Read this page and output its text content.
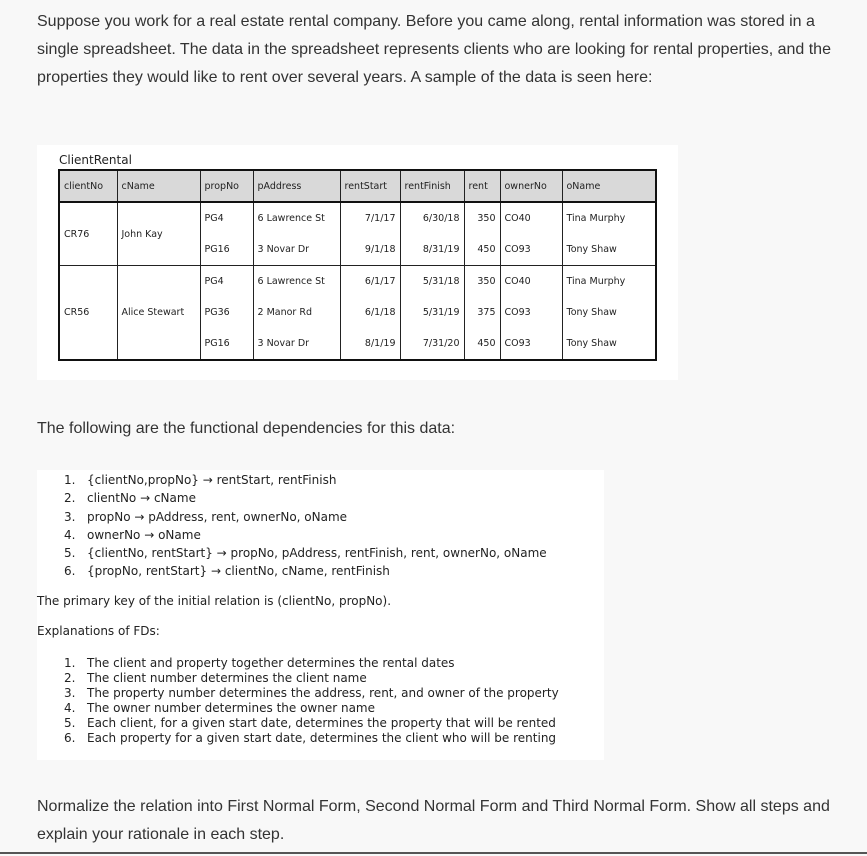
Suppose you work for a real estate rental company. Before you came along, rental information was stored in a single spreadsheet. The data in the spreadsheet represents clients who are looking for rental properties, and the properties they would like to rent over several years. A sample of the data is seen here:

ClientRental
clientNo	cName	propNo	pAddress	rentStart	rentFinish	rent	ownerNo	oName
CR76	John Kay	PG4	6 Lawrence St	7/1/17	6/30/18	350	CO40	Tina Murphy
		PG16	3 Novar Dr	9/1/18	8/31/19	450	CO93	Tony Shaw
CR56	Alice Stewart	PG4	6 Lawrence St	6/1/17	5/31/18	350	CO40	Tina Murphy
		PG36	2 Manor Rd	6/1/18	5/31/19	375	CO93	Tony Shaw
		PG16	3 Novar Dr	8/1/19	7/31/20	450	CO93	Tony Shaw

The following are the functional dependencies for this data:

1. {clientNo,propNo} → rentStart, rentFinish
2. clientNo → cName
3. propNo → pAddress, rent, ownerNo, oName
4. ownerNo → oName
5. {clientNo, rentStart} → propNo, pAddress, rentFinish, rent, ownerNo, oName
6. {propNo, rentStart} → clientNo, cName, rentFinish
The primary key of the initial relation is (clientNo, propNo).
Explanations of FDs:
1. The client and property together determines the rental dates
2. The client number determines the client name
3. The property number determines the address, rent, and owner of the property
4. The owner number determines the owner name
5. Each client, for a given start date, determines the property that will be rented
6. Each property for a given start date, determines the client who will be renting

Normalize the relation into First Normal Form, Second Normal Form and Third Normal Form. Show all steps and explain your rationale in each step.
